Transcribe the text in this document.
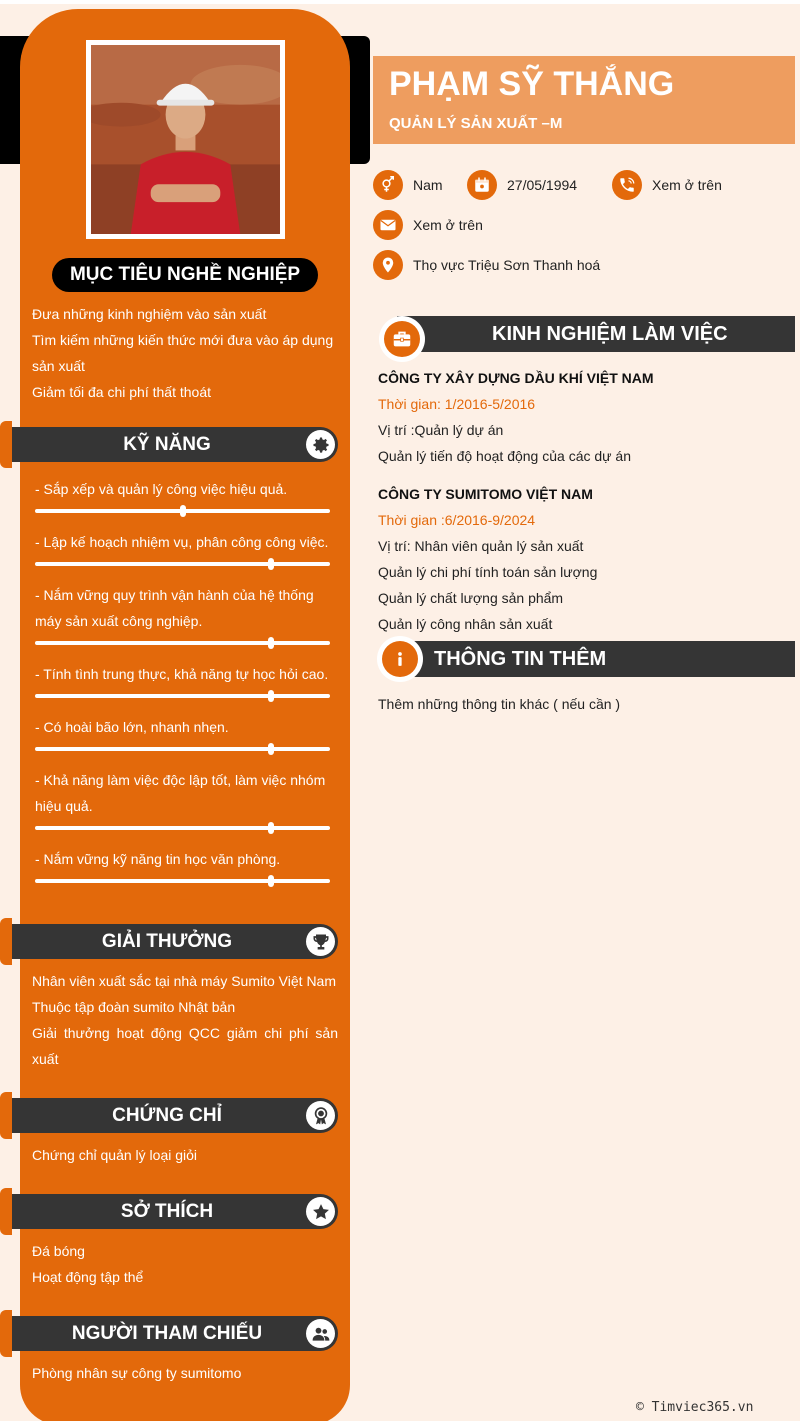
MỤC TIÊU NGHỀ NGHIỆP
Đưa những kinh nghiệm vào sản xuất
Tìm kiếm những kiến thức mới đưa vào áp dụng sản xuất
Giảm tối đa chi phí thất thoát
KỸ NĂNG
- Sắp xếp và quản lý công việc hiệu quả.
- Lập kế hoạch nhiệm vụ, phân công công việc.
- Nắm vững quy trình vận hành của hệ thống máy sản xuất công nghiệp.
- Tính tình trung thực, khả năng tự học hỏi cao.
- Có hoài bão lớn, nhanh nhẹn.
- Khả năng làm việc độc lập tốt, làm việc nhóm hiệu quả.
- Nắm vững kỹ năng tin học văn phòng.
GIẢI THƯỞNG
Nhân viên xuất sắc tại nhà máy Sumito Việt Nam
Thuộc tập đoàn sumito Nhật bản
Giải thưởng hoạt động QCC giảm chi phí sản xuất
CHỨNG CHỈ
Chứng chỉ quản lý loại giỏi
SỞ THÍCH
Đá bóng
Hoạt động tập thể
NGƯỜI THAM CHIẾU
Phòng nhân sự công ty sumitomo
PHẠM SỸ THẮNG
QUẢN LÝ SẢN XUẤT –M
Nam	27/05/1994	Xem ở trên
Xem ở trên
Thọ vực Triệu Sơn Thanh hoá
KINH NGHIỆM LÀM VIỆC
CÔNG TY XÂY DỰNG DẦU KHÍ VIỆT NAM
Thời gian: 1/2016-5/2016
Vị trí :Quản lý dự án
Quản lý tiến độ hoạt động của các dự án
CÔNG TY SUMITOMO VIỆT NAM
Thời gian :6/2016-9/2024
Vị trí: Nhân viên quản lý sản xuất
Quản lý chi phí tính toán sản lượng
Quản lý chất lượng sản phẩm
Quản lý công nhân sản xuất
THÔNG TIN THÊM
Thêm những thông tin khác ( nếu cần )
© Timviec365.vn
